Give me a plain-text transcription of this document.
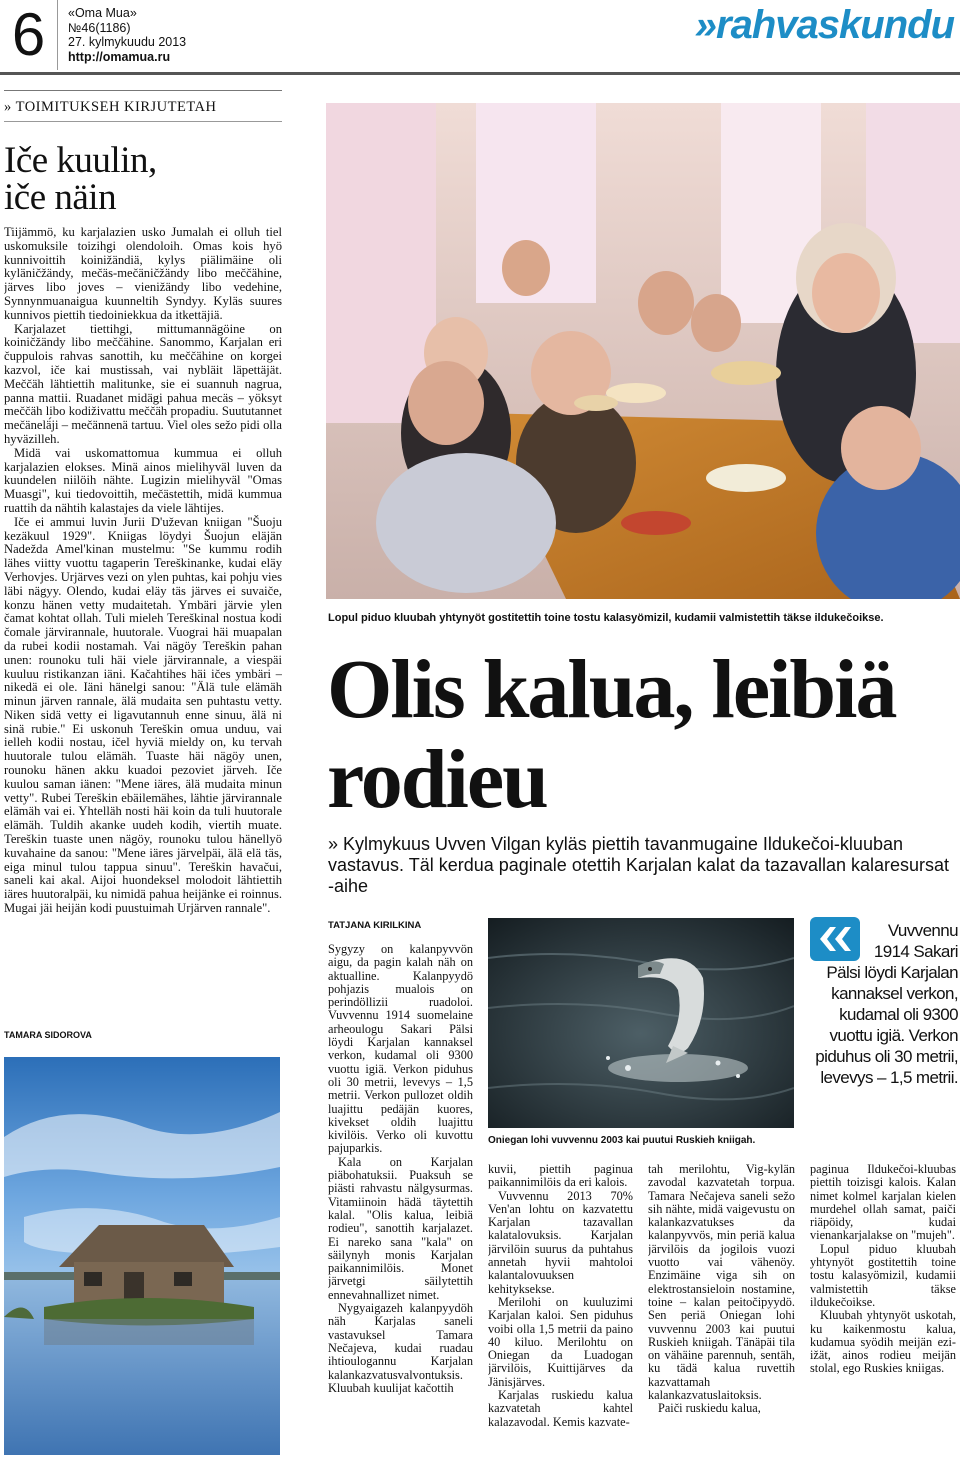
6	«Oma Mua»
№46(1186)
27. kylmykuudu 2013
http://omamua.ru
»rahvaskundu
» TOIMITUKSEH KIRJUTETAH
Iče kuulin,
iče näin

Tiijämmö, ku karjalazien usko Jumalah ei olluh tiel uskomuksile toizihgi olendoloih. Omas kois hyö kunnivoittih koinižändiä, kylys piälimäine oli kyläničžändy, mečäs-mečäničžändy libo meččähine, järves libo joves – vienižändy libo vedehine, Synnynmuanaigua kuunneltih Syndyy. Kyläs suures kunnivos piettih tiedoiniekkua da itkettäjiä.

Karjalazet tiettihgi, mittumannägöine on koiničžändy libo meččähine. Sanommo, Karjalan eri čuppulois rahvas sanottih, ku meččähine on korgei kazvol, iče kai mustissah, vai nybläit läpettäjät. Meččäh lähtiettih malitunke, sie ei suannuh nagrua, panna mattii. Ruadanet midägi pahua mecäs – yöksyt meččäh libo kodiživattu meččäh propadiu. Suututannet mečänelä́ji – mečännenä tartuu. Viel oles sežo pidi olla hyväzilleh.

Midä vai uskomattomua kummua ei olluh karjalazien elokses. Minä ainos mielihyväl luven da kuundelen niilöih nähte. Lugizin mielihyväl "Omas Muasgi", kui tiedovoittih, mečästettih, midä kummua ruattih da nähtih kalastajes da viele lähtijes.

Iče ei ammui luvin Jurii D'uževan kniigan "Šuoju kezäkuul 1929". Kniigas löydyi Šuojun eläjän Nadežda Amel'kinan mustelmu: "Se kummu rodih lähes viitty vuottu tagaperin Tereškinanke, kudai eläy Verhovjes. Urjärves vezi on ylen puhtas, kai pohju vies läbi nägyy. Olendo, kudai eläy täs järves ei suvaiče, konzu hänen vetty mudaitetah. Ymbäri järvie ylen čamat kohtat ollah. Tuli mieleh Tereškinal nostua kodi čomale järvirannale, huutorale. Vuograi häi muapalan da rubei kodii nostamah. Vai nägöy Tereškin pahan unen: rounoku tuli häi viele järvirannale, a viespäi kuuluu ristikanzan iäni. Kačahtihes häi ičes ymbäri – nikedä ei ole. Iäni hänelgi sanou: "Älä tule elämäh minun järven rannale, älä mudaita sen puhtastu vetty. Niken sidä vetty ei ligavutannuh enne sinuu, älä ni sinä rubie." Ei uskonuh Tereškin omua unduu, vai ielleh kodii nostau, ičel hyviä mieldy on, ku tervah huutorale tulou elämäh. Tuaste häi nägöy unen, rounoku hänen akku kuadoi pezoviet järveh. Iče kuulou saman iänen: "Mene iäres, älä mudaita minun vetty". Rubei Tereškin ebäilemähes, lähtie järvirannale elämäh vai ei. Yhtelläh nosti häi koin da tuli huutorale elämäh. Tuldih akanke uudeh kodih, viertih muate. Tereškin tuaste unen nägöy, rounoku tulou hänellyö kuvahaine da sanou: "Mene iäres järvelpäi, älä elä täs, eiga minul tulou tappua sinuu". Tereškin havačui, saneli kai akal. Aijoi huondeksel molodoit lähtiettih iäres huutoralpäi, ku nimidä pahua heijänke ei roinnus. Mugai jäi heijän kodi puustuimah Urjärven rannale".

TAMARA SIDOROVA
Lopul piduo kluubah yhtynyöt gostitettih toine tostu kalasyömizil, kudamii valmistettih täkse ildukečoikse.
Olis kalua, leibiä
rodieu
» Kylmykuus Uvven Vilgan kyläs piettih tavanmugaine Ildukečoi-kluuban vastavus. Täl kerdua paginale otettih Karjalan kalat da tazavallan kalaresursat -aihe
TATJANA KIRILKINA

Sygyzy on kalanpyvvön aigu, da pagin kalah näh on aktualline. Kalanpyydö pohjazis mualois on perindöllizii ruadoloi. Vuvvennu 1914 suomelaine arheoulogu Sakari Pälsi löydi Karjalan kannaksel verkon, kudamal oli 9300 vuottu igiä. Verkon piduhus oli 30 metrii, levevys – 1,5 metrii. Verkon pullozet oldih luajittu pedäjän kuores, kivekset oldih luajittu kivilöis. Verko oli kuvottu pajuparkis.

Kala on Karjalan piäbohatuksii. Puaksuh se piästi rahvastu nälgysurmas. Vitamiinoin hädä täytettih kalal. "Olis kalua, leibiä rodieu", sanottih karjalazet. Ei nareko sana "kala" on säilynyh monis Karjalan paikannimilöis. Monet järvetgi säilytettih ennevahnallizet nimet.

Nygyaigazeh kalanpyydöh näh Karjalas saneli vastavuksel Tamara Nečajeva, kudai ruadau ihtioulogannu Karjalan kalankazvatusvalvontuksis. Kluubah kuulijat kačottih

Oniegan lohi vuvvennu 2003 kai puutui Ruskieh kniigah.

kuvii, piettih paginua paikannimilöis da eri kalois.

Vuvvennu 2013 70% Ven'an lohtu on kazvatettu Karjalan tazavallan kalatalovuksis. Karjalan järvilöin suurus da puhtahus annetah hyvii mahtoloi kalantalovuuksen kehityksekse.

Merilohi on kuuluzimi Karjalan kaloi. Sen piduhus voibi olla 1,5 metrii da paino 40 kiluo. Merilohtu on Oniegan da Luadogan järvilöis, Kuittijärves da Jänisjärves.

Karjalas ruskiedu kalua kazvatetah kahtel kalazavodal. Kemis kazvate-

tah merilohtu, Vig-kylän zavodal kazvatetah torpua. Tamara Nečajeva saneli sežo sih nähte, midä vaigevustu on kalankazvatukses da kalanpyvvös, min periä kalua järvilöis da jogilois vuozi vuotto vai vähenöy. Enzimäine viga sih on elektrostansieloin nostamine, toine – kalan peitočipyydö. Sen periä Oniegan lohi vuvvennu 2003 kai puutui Ruskieh kniigah. Tänäpäi tila on vähäine parennuh, sentäh, ku tädä kalua ruvettih kazvattamah kalankazvatuslaitoksis.

Paiči ruskiedu kalua,

Vuvvennu
1914 Sakari
Pälsi löydi Karjalan kannaksel verkon, kudamal oli 9300 vuottu igiä. Verkon piduhus oli 30 metrii, levevys – 1,5 metrii.

paginua Ildukečoi-kluubas piettih toizisgi kalois. Kalan nimet kolmel karjalan kielen murdehel ollah samat, paiči riäpöidy, kudai vienankarjalakse on "mujeh".

Lopul piduo kluubah yhtynyöt gostitettih toine tostu kalasyömizil, kudamii valmistettih täkse ildukečoikse.

Kluubah yhtynyöt uskotah, ku kaikenmostu kalua, kudamua syödih meijän ezi-ižät, ainos rodieu meijän stolal, ego Ruskies kniigas.
